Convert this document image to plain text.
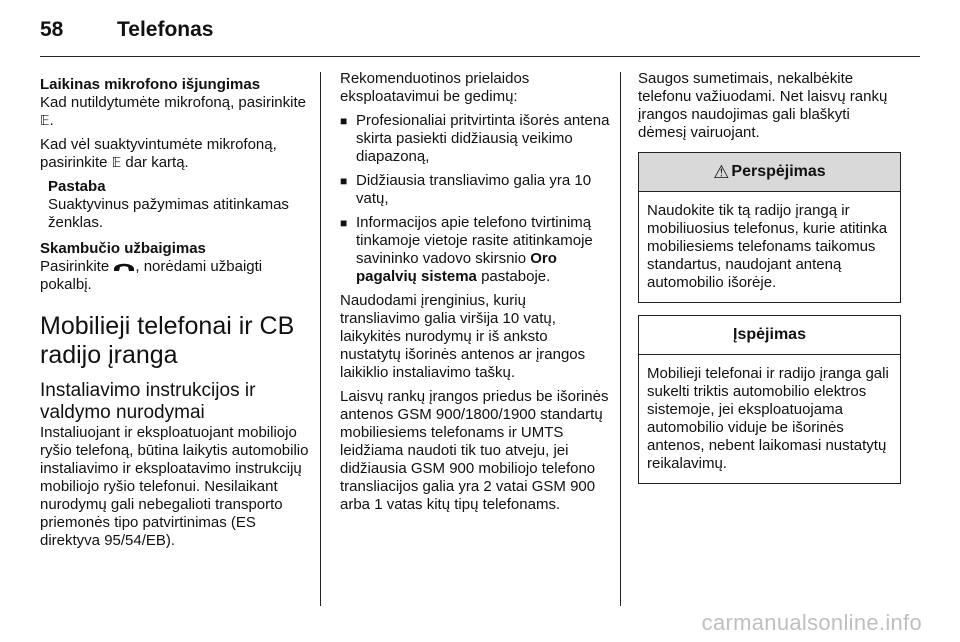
58	Telefonas

Laikinas mikrofono išjungimas

Kad nutildytumėte mikrofoną, pasirinkite 𝔼.

Kad vėl suaktyvintumėte mikrofoną, pasirinkite 𝔼 dar kartą.

Pastaba
Suaktyvinus pažymimas atitinkamas ženklas.

Skambučio užbaigimas

Pasirinkite , norėdami užbaigti pokalbį.

Mobilieji telefonai ir CB radijo įranga
Instaliavimo instrukcijos ir valdymo nurodymai

Instaliuojant ir eksploatuojant mobiliojo ryšio telefoną, būtina laikytis automobilio instaliavimo ir eksploatavimo instrukcijų mobiliojo ryšio telefonui. Nesilaikant nurodymų gali nebegalioti transporto priemonės tipo patvirtinimas (ES direktyva 95/54/EB).

Rekomenduotinos prielaidos eksploatavimui be gedimų:

■ Profesionaliai pritvirtinta išorės antena skirta pasiekti didžiausią veikimo diapazoną,
■ Didžiausia transliavimo galia yra 10 vatų,
■ Informacijos apie telefono tvirtinimą tinkamoje vietoje rasite atitinkamoje savininko vadovo skirsnio Oro pagalvių sistema pastaboje.

Naudodami įrenginius, kurių transliavimo galia viršija 10 vatų, laikykitės nurodymų ir iš anksto nustatytų išorinės antenos ar įrangos laikiklio instaliavimo taškų.

Laisvų rankų įrangos priedus be išorinės antenos GSM 900/1800/1900 standartų mobiliesiems telefonams ir UMTS leidžiama naudoti tik tuo atveju, jei didžiausia GSM 900 mobiliojo telefono transliacijos galia yra 2 vatai GSM 900 arba 1 vatas kitų tipų telefonams.

Saugos sumetimais, nekalbėkite telefonu važiuodami. Net laisvų rankų įrangos naudojimas gali blaškyti dėmesį vairuojant.

⚠ Perspėjimas
Naudokite tik tą radijo įrangą ir mobiliuosius telefonus, kurie atitinka mobiliesiems telefonams taikomus standartus, naudojant anteną automobilio išorėje.
Įspėjimas
Mobilieji telefonai ir radijo įranga gali sukelti triktis automobilio elektros sistemoje, jei eksploatuojama automobilio viduje be išorinės antenos, nebent laikomasi nustatytų reikalavimų.
carmanualsonline.info
